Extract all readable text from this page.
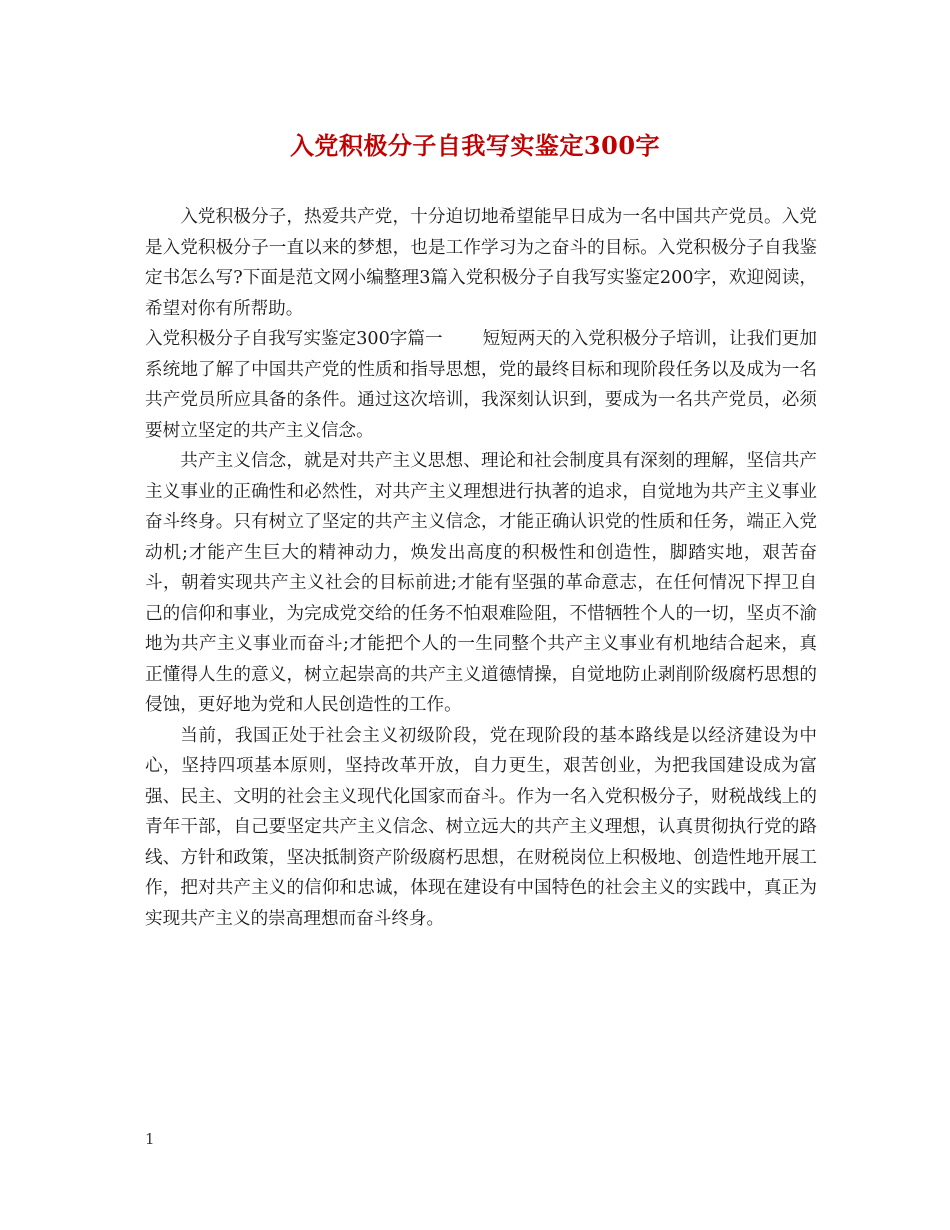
入党积极分子自我写实鉴定300字

入党积极分子，热爱共产党，十分迫切地希望能早日成为一名中国共产党员。入党是入党积极分子一直以来的梦想，也是工作学习为之奋斗的目标。入党积极分子自我鉴定书怎么写?下面是范文网小编整理3篇入党积极分子自我写实鉴定200字，欢迎阅读，希望对你有所帮助。

入党积极分子自我写实鉴定300字篇一 短短两天的入党积极分子培训，让我们更加系统地了解了中国共产党的性质和指导思想，党的最终目标和现阶段任务以及成为一名共产党员所应具备的条件。通过这次培训，我深刻认识到，要成为一名共产党员，必须要树立坚定的共产主义信念。

共产主义信念，就是对共产主义思想、理论和社会制度具有深刻的理解，坚信共产主义事业的正确性和必然性，对共产主义理想进行执著的追求，自觉地为共产主义事业奋斗终身。只有树立了坚定的共产主义信念，才能正确认识党的性质和任务，端正入党动机;才能产生巨大的精神动力，焕发出高度的积极性和创造性，脚踏实地，艰苦奋斗，朝着实现共产主义社会的目标前进;才能有坚强的革命意志，在任何情况下捍卫自己的信仰和事业，为完成党交给的任务不怕艰难险阻，不惜牺牲个人的一切，坚贞不渝地为共产主义事业而奋斗;才能把个人的一生同整个共产主义事业有机地结合起来，真正懂得人生的意义，树立起崇高的共产主义道德情操，自觉地防止剥削阶级腐朽思想的侵蚀，更好地为党和人民创造性的工作。

当前，我国正处于社会主义初级阶段，党在现阶段的基本路线是以经济建设为中心，坚持四项基本原则，坚持改革开放，自力更生，艰苦创业，为把我国建设成为富强、民主、文明的社会主义现代化国家而奋斗。作为一名入党积极分子，财税战线上的青年干部，自己要坚定共产主义信念、树立远大的共产主义理想，认真贯彻执行党的路线、方针和政策，坚决抵制资产阶级腐朽思想，在财税岗位上积极地、创造性地开展工作，把对共产主义的信仰和忠诚，体现在建设有中国特色的社会主义的实践中，真正为实现共产主义的崇高理想而奋斗终身。

1
